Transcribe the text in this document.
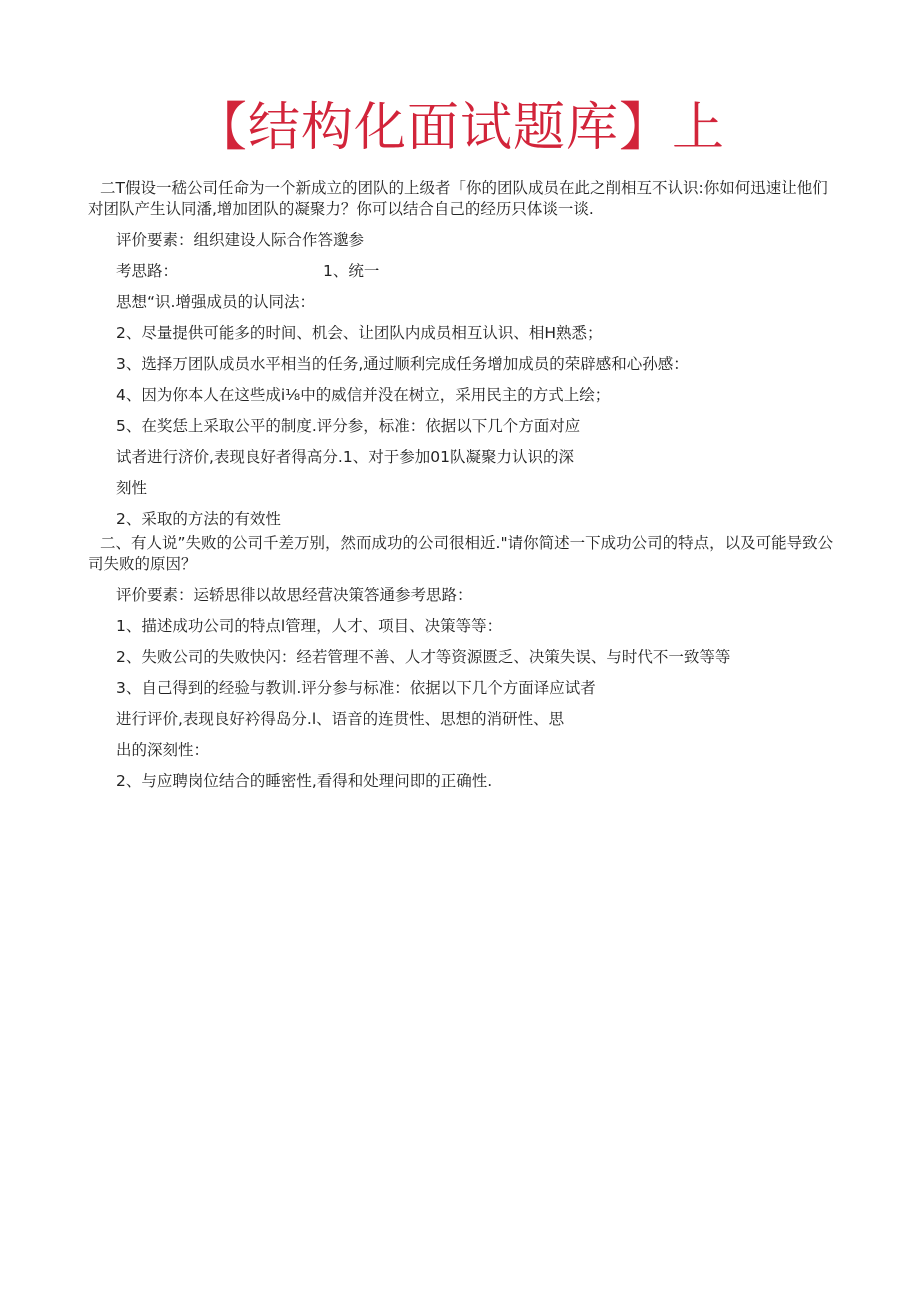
【结构化面试题库】上
二T假设一嵇公司任命为一个新成立的团队的上级者「你的团队成员在此之削相互不认识:你如何迅速让他们对团队产生认同潘,增加团队的凝聚力？你可以结合自己的经历只体谈一谈.
评价要素：组织建设人际合作答邈参
考思路：	1、统一
思想“识.增强成员的认同法：
2、尽量提供可能多的时间、机会、让团队内成员相互认识、相H熟悉；
3、选择万团队成员水平相当的任务,通过顺利完成任务增加成员的荣辟感和心孙感：
4、因为你本人在这些成i⅛中的威信并没在树立，采用民主的方式上绘；
5、在奖恁上采取公平的制度.评分参，标准：依据以下几个方面对应
试者进行济价,表现良好者得高分.1、对于参加01队凝聚力认识的深
刻性
2、采取的方法的有效性
二、有人说”失败的公司千差万别，然而成功的公司很相近."请你简述一下成功公司的特点，以及可能导致公司失败的原因？
评价要素：运轿思徘以故思经营决策答通参考思路：
1、描述成功公司的特点l管理，人才、项目、决策等等：
2、失败公司的失败快闪：经若管理不善、人才等资源匮乏、决策失误、与时代不一致等等
3、自己得到的经验与教训.评分参与标准：依据以下几个方面译应试者
进行评价,表现良好衿得岛分.l、语音的连贯性、思想的消研性、思
出的深刻性：
2、与应聘岗位结合的睡密性,看得和处理问即的正确性.
